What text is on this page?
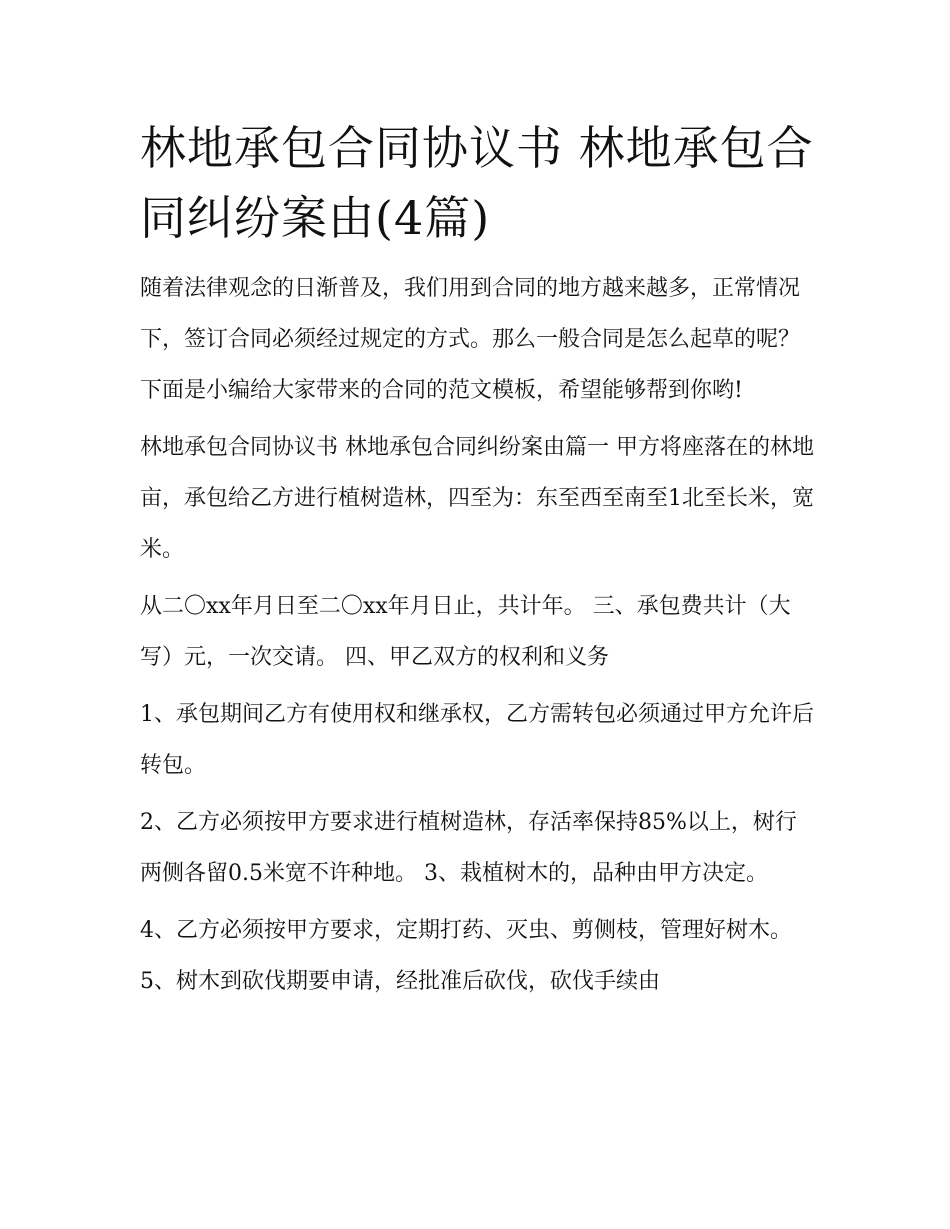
林地承包合同协议书 林地承包合同纠纷案由(4篇)

随着法律观念的日渐普及，我们用到合同的地方越来越多，正常情况下，签订合同必须经过规定的方式。那么一般合同是怎么起草的呢？下面是小编给大家带来的合同的范文模板，希望能够帮到你哟!

林地承包合同协议书 林地承包合同纠纷案由篇一 甲方将座落在的林地亩，承包给乙方进行植树造林，四至为：东至西至南至1北至长米，宽米。

从二〇xx年月日至二〇xx年月日止，共计年。 三、承包费共计（大写）元，一次交请。 四、甲乙双方的权利和义务

1、承包期间乙方有使用权和继承权，乙方需转包必须通过甲方允许后转包。

2、乙方必须按甲方要求进行植树造林，存活率保持85%以上，树行两侧各留0.5米宽不许种地。 3、栽植树木的，品种由甲方决定。

4、乙方必须按甲方要求，定期打药、灭虫、剪侧枝，管理好树木。 5、树木到砍伐期要申请，经批准后砍伐，砍伐手续由
